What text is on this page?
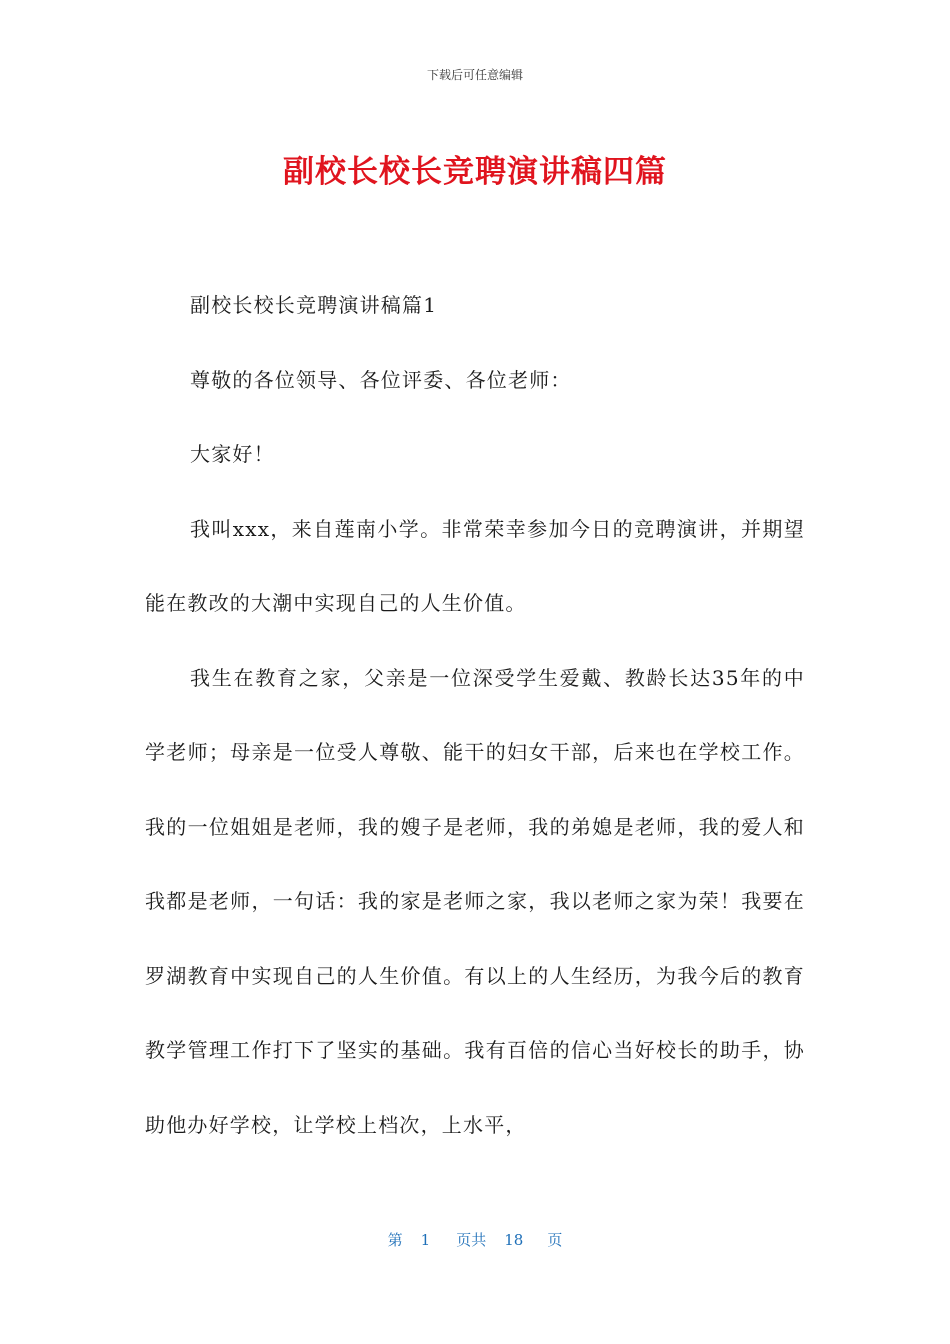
下载后可任意编辑
副校长校长竞聘演讲稿四篇

副校长校长竞聘演讲稿篇1

尊敬的各位领导、各位评委、各位老师：

大家好！

我叫xxx，来自莲南小学。非常荣幸参加今日的竞聘演讲，并期望能在教改的大潮中实现自己的人生价值。

我生在教育之家，父亲是一位深受学生爱戴、教龄长达35年的中学老师；母亲是一位受人尊敬、能干的妇女干部，后来也在学校工作。我的一位姐姐是老师，我的嫂子是老师，我的弟媳是老师，我的爱人和我都是老师，一句话：我的家是老师之家，我以老师之家为荣！我要在罗湖教育中实现自己的人生价值。有以上的人生经历，为我今后的教育教学管理工作打下了坚实的基础。我有百倍的信心当好校长的助手，协助他办好学校，让学校上档次，上水平，

第 1 页共 18 页
